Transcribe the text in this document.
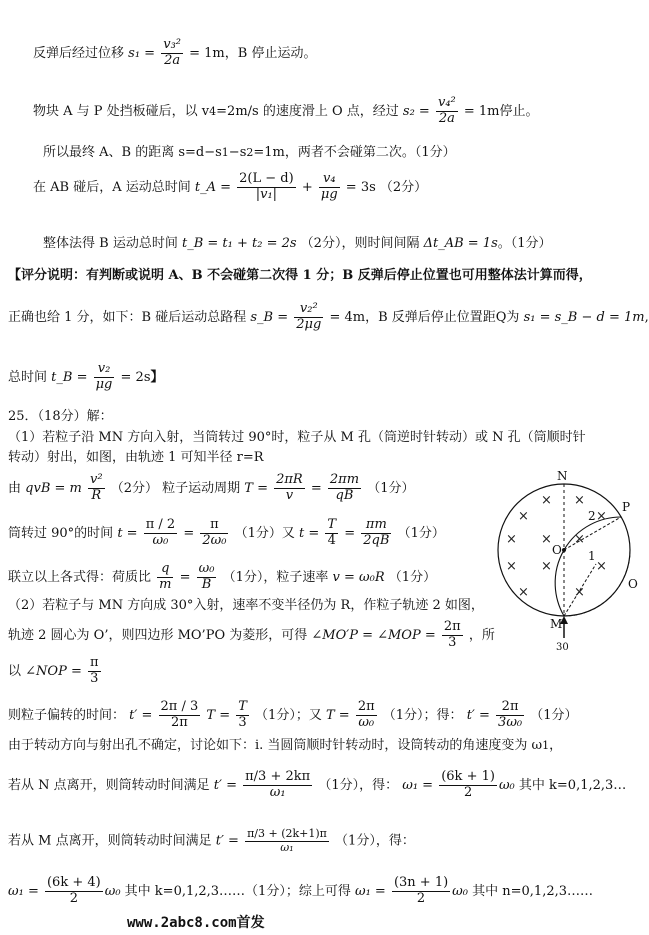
反弹后经过位移 $s_1 = \frac{\text{v₃²}}{2a} = 1m$，B 停止运动。
物块 A 与 P 处挡板碰后，以 v4=2m/s 的速度滑上 O 点，经过 $s_2 = \frac{\text{v₄²}}{2a} = 1m$停止。
所以最终 A、B 的距离 s=d−s1−s2=1m，两者不会碰第二次。（1分）
在 AB 碰后，A 运动总时间 t_A = $\frac{2(L - d)}{\text{|v₁|}} + \frac{\text{v₄}}{\mu g} = 3s$ （2分）
整体法得 B 运动总时间 t_B = t₁ + t₂ = 2s （2分），则时间间隔 Δt_AB = 1s。（1分）
【评分说明：有判断或说明 A、B 不会碰第二次得 1 分；B 反弹后停止位置也可用整体法计算而得，
正确也给 1 分，如下：B 碰后运动总路程 s_B = $\frac{\text{v₂²}}{2\mu g} = 4m$，B 反弹后停止位置距Q为 s₁ = s_B − d = 1m,
总时间 t_B = $\frac{\text{v₂}}{\mu g} = 2s$】
25．（18分）解：
（1）若粒子沿 MN 方向入射，当筒转过 90°时，粒子从 M 孔（筒逆时针转动）或 N 孔（筒顺时针
转动）射出，如图，由轨迹 1 可知半径 r=R
由 qvB = m $\frac{\text{v²}}{R} (2$分） 粒子运动周期 $T = \frac{2\pi R}{v} = \frac{2\pi m}{qB} (1$分）
筒转过 90°的时间 $t = \frac{\pi / 2}{\text{ω₀}} = \frac{\pi}{\text{2ω₀}} (1$分）又 $t = \frac{T}{4} = \frac{\pi m}{2qB} (1$分）
联立以上各式得：荷质比 $\frac{q}{m} = \frac{\text{ω₀}}{B} (1$分），粒子速率 v = ω₀R （1分）
（2）若粒子与 MN 方向成 30°入射，速率不变半径仍为 R，作粒子轨迹 2 如图，
轨迹 2 圆心为 O’，则四边形 MO’PO 为菱形，可得 ∠MO′P = ∠MOP = $\frac{2\pi}{3}$ ，所
以 ∠NOP = $\frac{\pi}{3}$
则粒子偏转的时间： $t' = \frac{2\pi / 3}{2\pi}$ $T = \frac{T}{3} (1$分）；又 $T = \frac{2\pi}{\text{ω₀}} (1$分）；得： $t' = \frac{2\pi}{\text{3ω₀}} (1$分）
由于转动方向与射出孔不确定，讨论如下：ⅰ. 当圆筒顺时针转动时，设筒转动的角速度变为 ω1，
若从 N 点离开，则筒转动时间满足 $t' = \frac{\pi/3 + 2k\pi}{\text{ω₁}} (1$分），得： $\omega_1 = \frac{(6k + 1)}{2} \omega_0$ 其中 k=0,1,2,3…
若从 M 点离开，则筒转动时间满足 $t' = \frac{\pi/3 + (2k+1)\pi}{\text{ω₁}} (1$分），得：
$\omega_1 = \frac{(6k + 4)}{2} \omega_0$ 其中 k=0,1,2,3……（1分）；综上可得 $\omega_1 = \frac{(3n + 1)}{2} \omega_0$ 其中 n=0,1,2,3……
×
× ×
×
× × ×
× ×	×
×	×
N
P
O
O
M
1
2
30
www.2abc8.com首发
